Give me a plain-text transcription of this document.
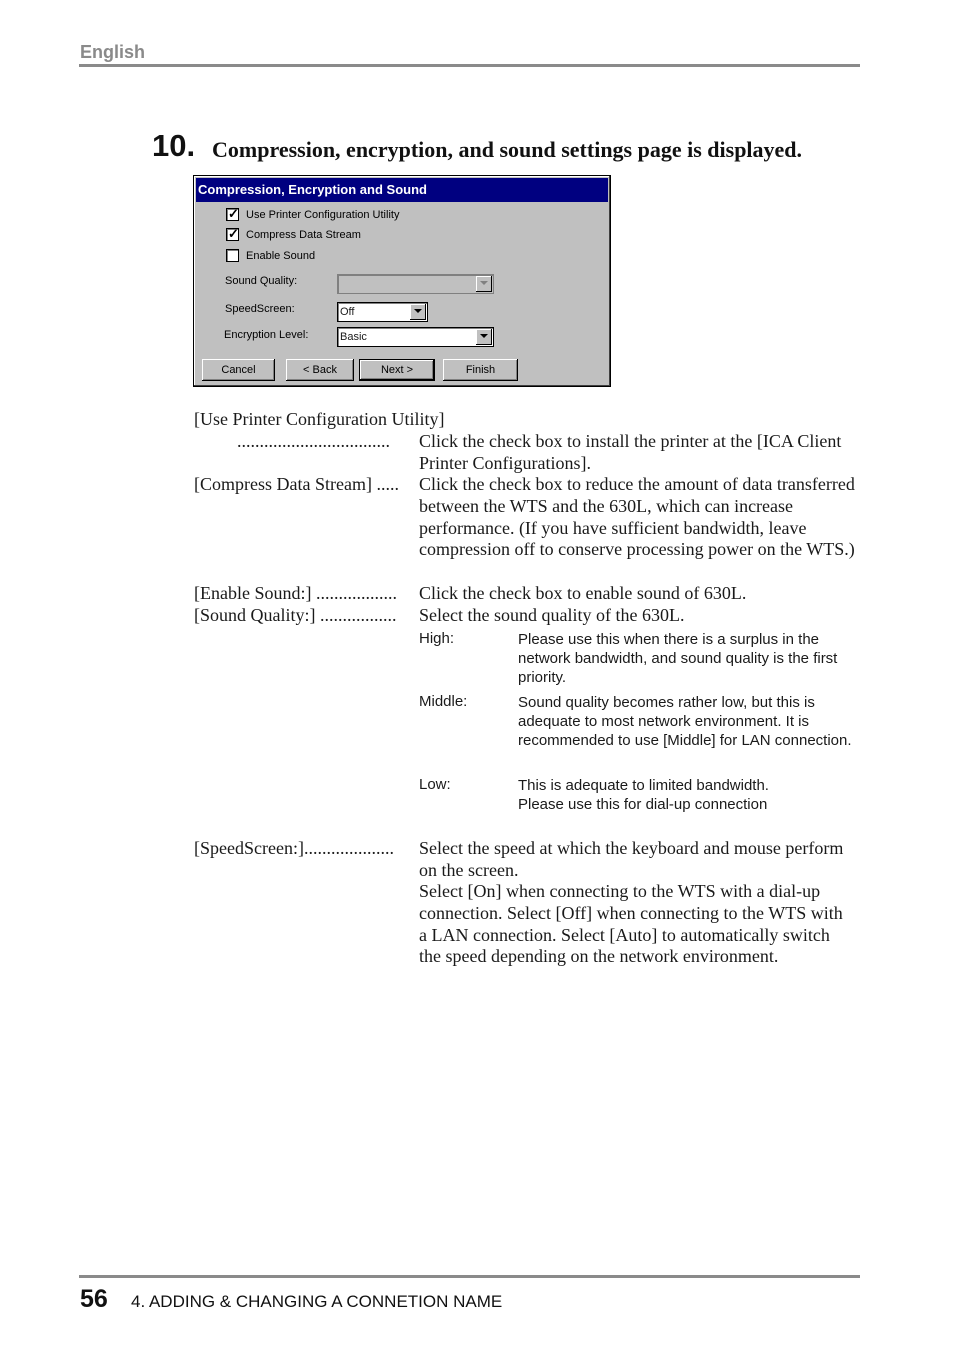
English
10. Compression, encryption, and sound settings page is displayed.
Compression, Encryption and Sound
✓ Use Printer Configuration Utility
✓ Compress Data Stream
Enable Sound
Sound Quality:
SpeedScreen:	Off
Encryption Level:	Basic
Cancel	< Back	Next >	Finish
[Use Printer Configuration Utility]
.................................. Click the check box to install the printer at the [ICA Client Printer Configurations].
[Compress Data Stream] ..... Click the check box to reduce the amount of data transferred between the WTS and the 630L, which can increase performance. (If you have sufficient bandwidth, leave compression off to conserve processing power on the WTS.)
[Enable Sound:] .................. Click the check box to enable sound of 630L.
[Sound Quality:] ................. Select the sound quality of the 630L.
High:	Please use this when there is a surplus in the network bandwidth, and sound quality is the first priority.
Middle:	Sound quality becomes rather low, but this is adequate to most network environment. It is recommended to use [Middle] for LAN connection.
Low:	This is adequate to limited bandwidth. Please use this for dial-up connection
[SpeedScreen:].................... Select the speed at which the keyboard and mouse perform on the screen.
Select [On] when connecting to the WTS with a dial-up connection. Select [Off] when connecting to the WTS with a LAN connection. Select [Auto] to automatically switch the speed depending on the network environment.
56 4. ADDING & CHANGING A CONNETION NAME
